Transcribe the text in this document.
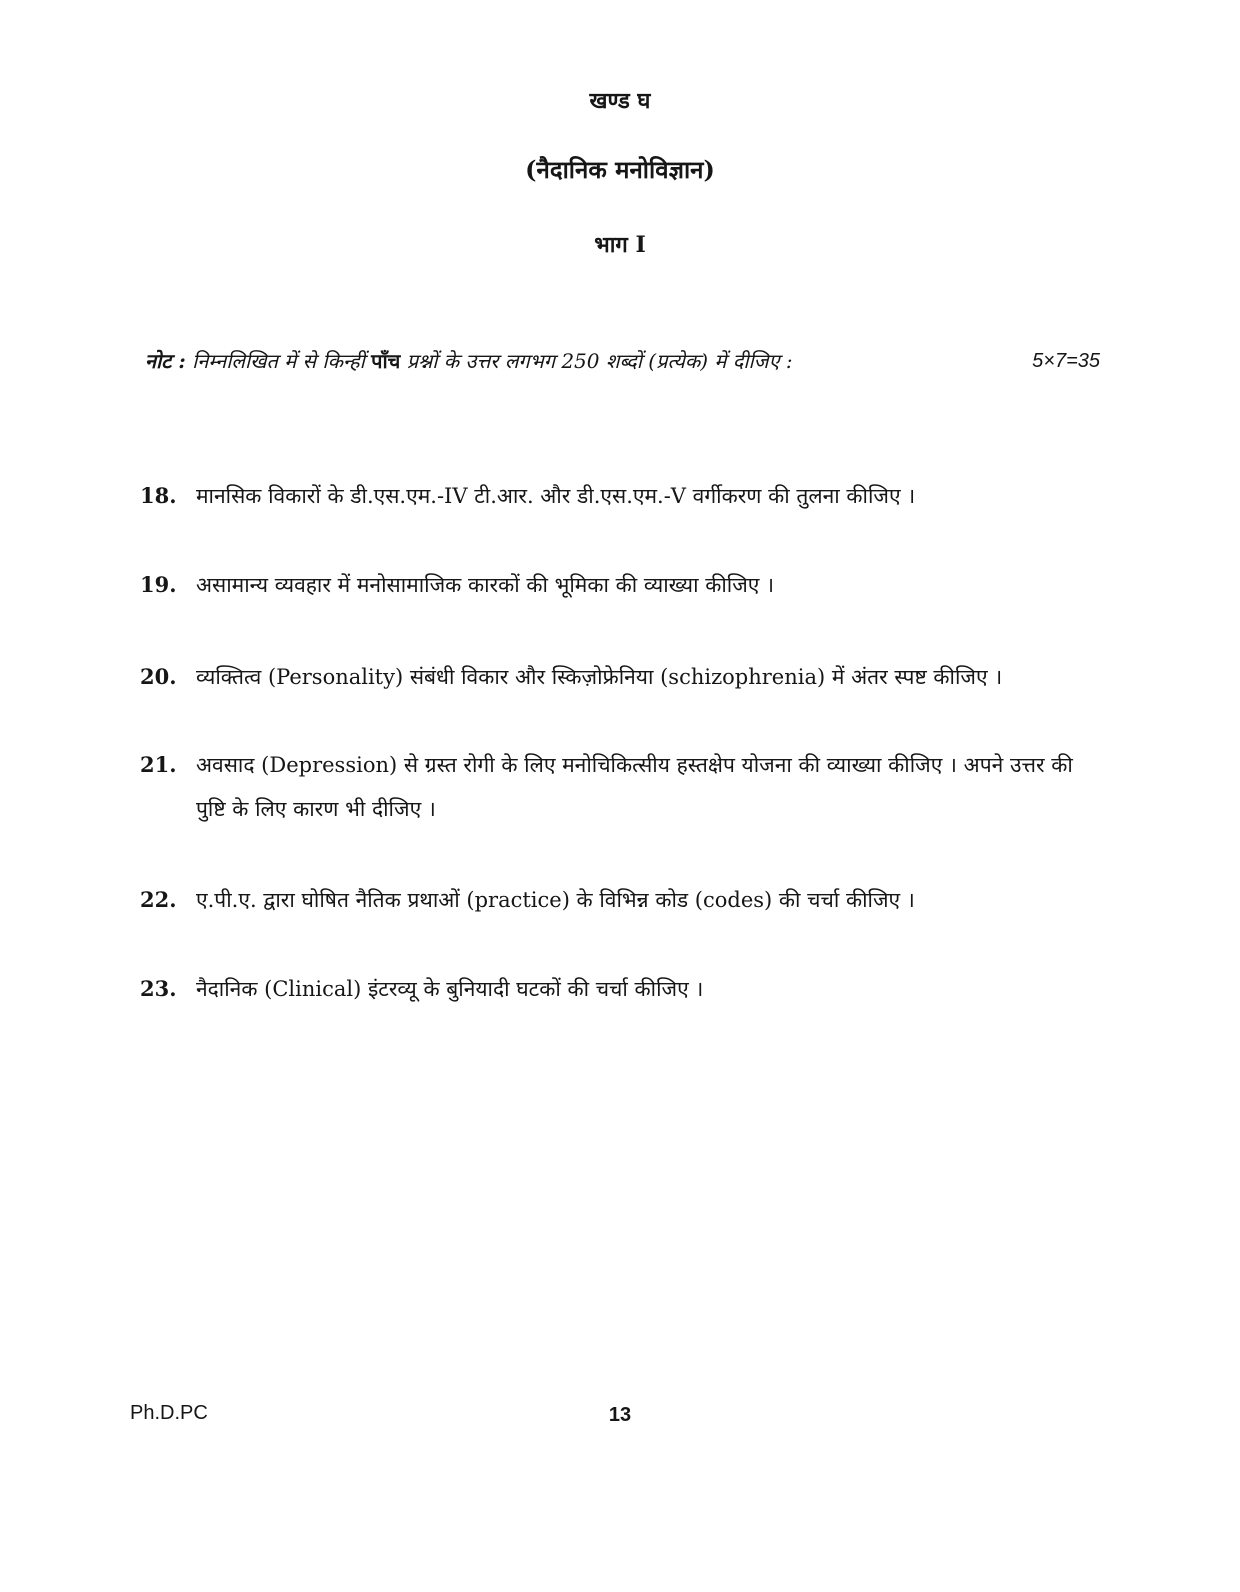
खण्ड घ
(नैदानिक मनोविज्ञान)
भाग I
नोट : निम्नलिखित में से किन्हीं पाँच प्रश्नों के उत्तर लगभग 250 शब्दों (प्रत्येक) में दीजिए :	5×7=35
18. मानसिक विकारों के डी.एस.एम.-IV टी.आर. और डी.एस.एम.-V वर्गीकरण की तुलना कीजिए ।
19. असामान्य व्यवहार में मनोसामाजिक कारकों की भूमिका की व्याख्या कीजिए ।
20. व्यक्तित्व (Personality) संबंधी विकार और स्किज़ोफ्रेनिया (schizophrenia) में अंतर स्पष्ट कीजिए ।
21. अवसाद (Depression) से ग्रस्त रोगी के लिए मनोचिकित्सीय हस्तक्षेप योजना की व्याख्या कीजिए । अपने उत्तर की पुष्टि के लिए कारण भी दीजिए ।
22. ए.पी.ए. द्वारा घोषित नैतिक प्रथाओं (practice) के विभिन्न कोड (codes) की चर्चा कीजिए ।
23. नैदानिक (Clinical) इंटरव्यू के बुनियादी घटकों की चर्चा कीजिए ।
Ph.D.PC	13
